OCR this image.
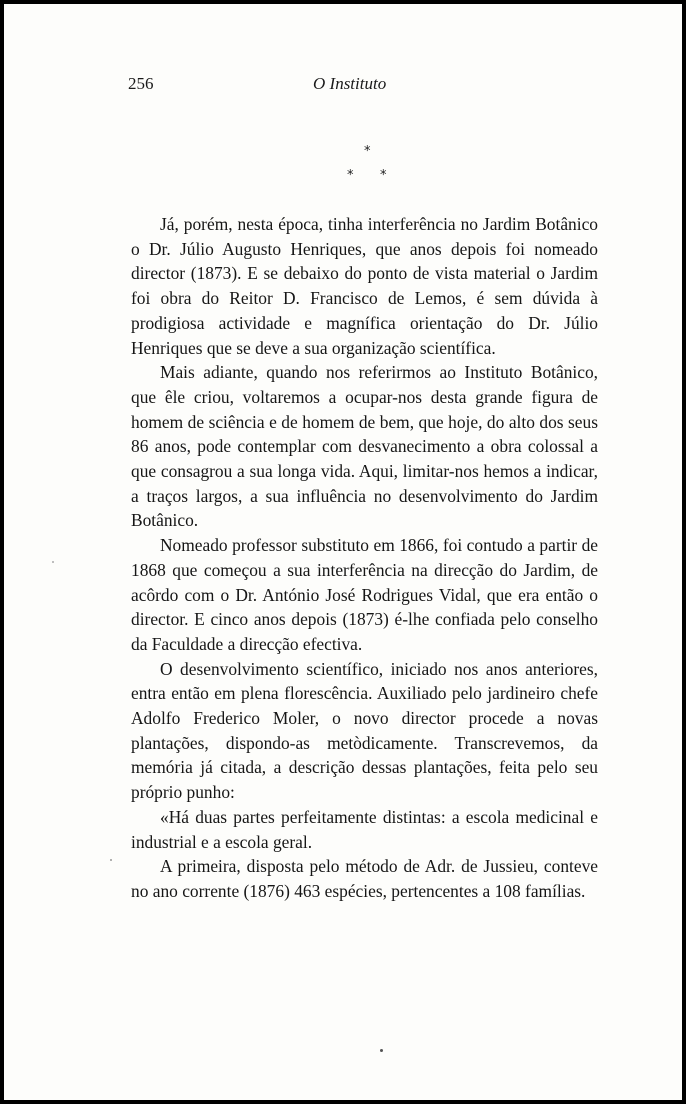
256	O Instituto
*
* *

Já, porém, nesta época, tinha interferência no Jardim Botânico o Dr. Júlio Augusto Henriques, que anos depois foi nomeado director (1873). E se debaixo do ponto de vista material o Jardim foi obra do Reitor D. Francisco de Lemos, é sem dúvida à prodigiosa actividade e magnífica orientação do Dr. Júlio Henriques que se deve a sua organização scientífica.

Mais adiante, quando nos referirmos ao Instituto Botânico, que êle criou, voltaremos a ocupar-nos desta grande figura de homem de sciência e de homem de bem, que hoje, do alto dos seus 86 anos, pode contemplar com desvanecimento a obra colossal a que consagrou a sua longa vida. Aqui, limitar-nos hemos a indicar, a traços largos, a sua influência no desenvolvimento do Jardim Botânico.

Nomeado professor substituto em 1866, foi contudo a partir de 1868 que começou a sua interferência na direcção do Jardim, de acôrdo com o Dr. António José Rodrigues Vidal, que era então o director. E cinco anos depois (1873) é-lhe confiada pelo conselho da Faculdade a direcção efectiva.

O desenvolvimento scientífico, iniciado nos anos anteriores, entra então em plena florescência. Auxiliado pelo jardineiro chefe Adolfo Frederico Moler, o novo director procede a novas plantações, dispondo-as metòdicamente. Transcrevemos, da memória já citada, a descrição dessas plantações, feita pelo seu próprio punho:

«Há duas partes perfeitamente distintas: a escola medicinal e industrial e a escola geral.

A primeira, disposta pelo método de Adr. de Jussieu, conteve no ano corrente (1876) 463 espécies, pertencentes a 108 famílias.
